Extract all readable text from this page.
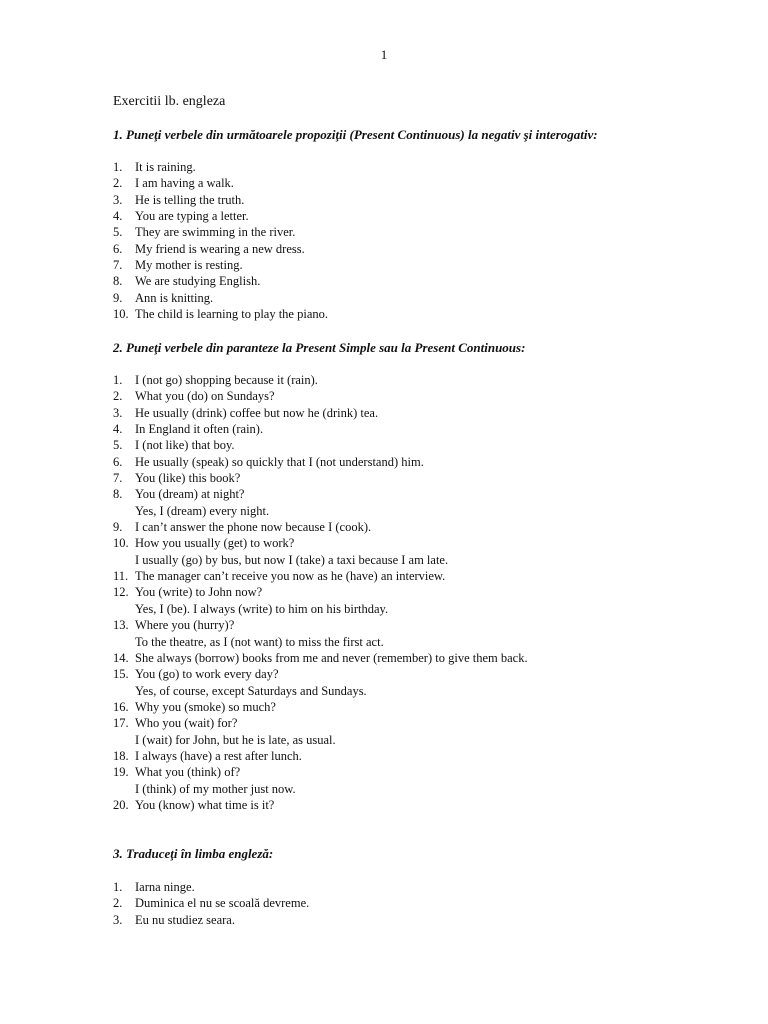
1
Exercitii lb. engleza
1. Puneţi verbele din următoarele propoziţii (Present Continuous) la negativ şi interogativ:
1. It is raining.
2. I am having a walk.
3. He is telling the truth.
4. You are typing a letter.
5. They are swimming in the river.
6. My friend is wearing a new dress.
7. My mother is resting.
8. We are studying English.
9. Ann is knitting.
10. The child is learning to play the piano.
2. Puneţi verbele din paranteze la Present Simple sau la Present Continuous:
1. I (not go) shopping because it (rain).
2. What you (do) on Sundays?
3. He usually (drink) coffee but now he (drink) tea.
4. In England it often (rain).
5. I (not like) that boy.
6. He usually (speak) so quickly that I (not understand) him.
7. You (like) this book?
8. You (dream) at night?
Yes, I (dream) every night.
9. I can’t answer the phone now because I (cook).
10. How you usually (get) to work?
I usually (go) by bus, but now I (take) a taxi because I am late.
11. The manager can’t receive you now as he (have) an interview.
12. You (write) to John now?
Yes, I (be). I always (write) to him on his birthday.
13. Where you (hurry)?
To the theatre, as I (not want) to miss the first act.
14. She always (borrow) books from me and never (remember) to give them back.
15. You (go) to work every day?
Yes, of course, except Saturdays and Sundays.
16. Why you (smoke) so much?
17. Who you (wait) for?
I (wait) for John, but he is late, as usual.
18. I always (have) a rest after lunch.
19. What you (think) of?
I (think) of my mother just now.
20. You (know) what time is it?
3. Traduceţi în limba engleză:
1. Iarna ninge.
2. Duminica el nu se scoală devreme.
3. Eu nu studiez seara.
